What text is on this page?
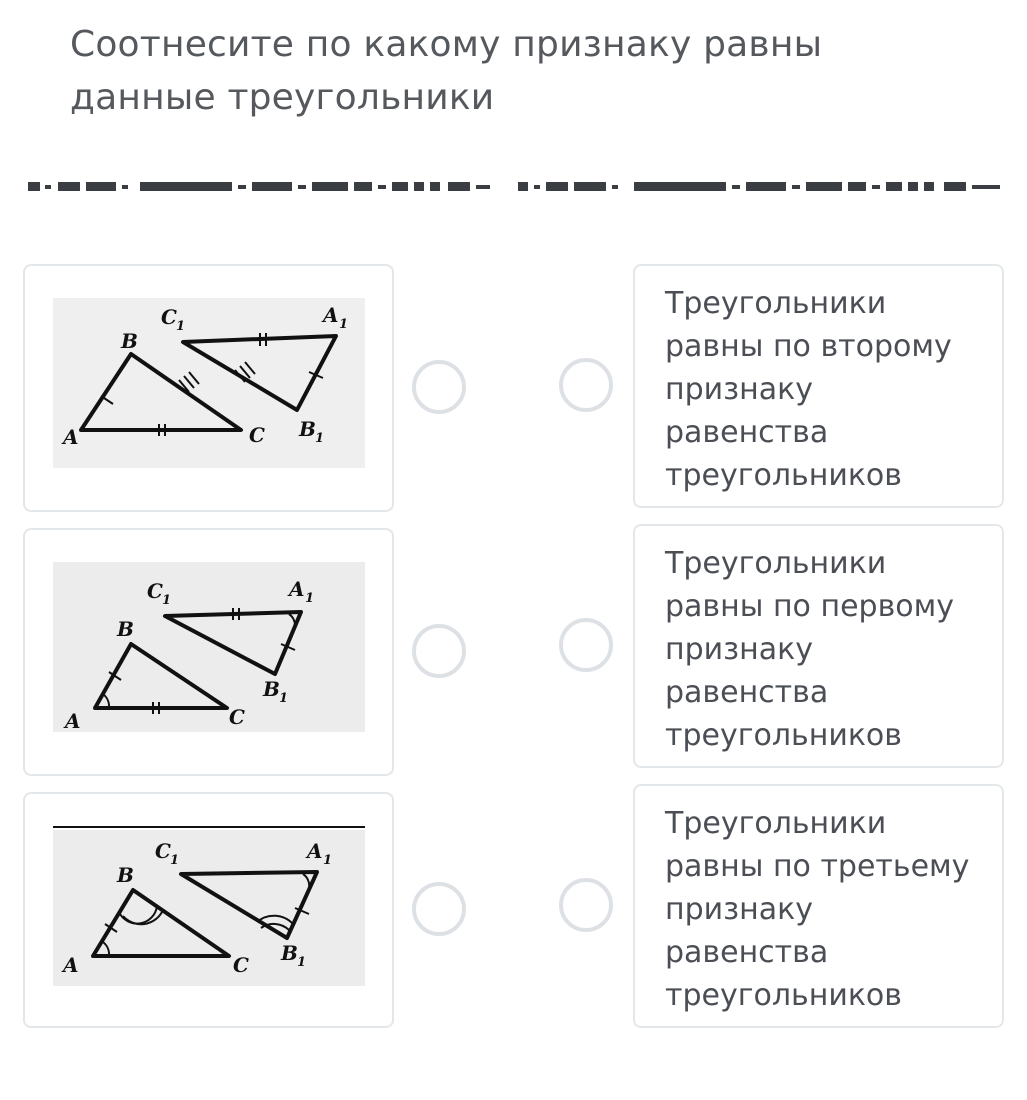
Соотнесите по какому признаку равны
данные треугольники
A
B
C
C 1	A 1
B 1
A
B
C
C 1	A 1
B 1
A
B
C
C 1	A 1
B 1
Треугольники
равны по второму
признаку
равенства
треугольников
Треугольники
равны по первому
признаку
равенства
треугольников
Треугольники
равны по третьему
признаку
равенства
треугольников
